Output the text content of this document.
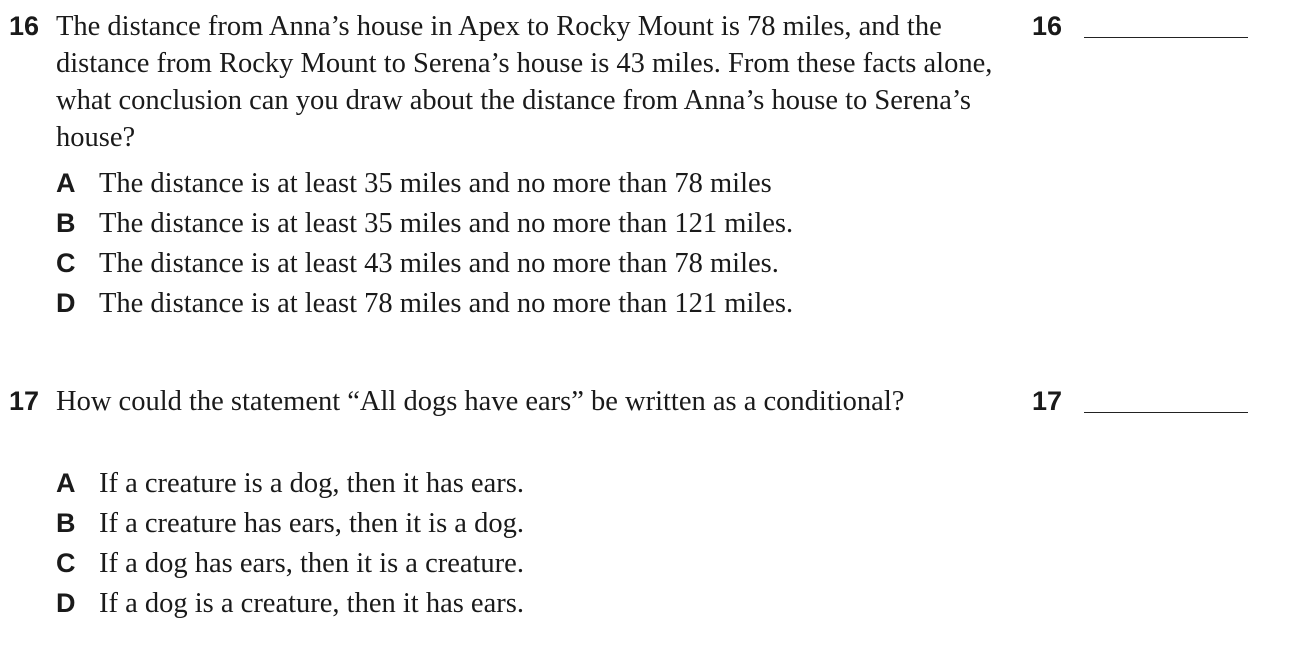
16 The distance from Anna’s house in Apex to Rocky Mount is 78 miles, and the distance from Rocky Mount to Serena’s house is 43 miles. From these facts alone, what conclusion can you draw about the distance from Anna’s house to Serena’s house?
A The distance is at least 35 miles and no more than 78 miles
B The distance is at least 35 miles and no more than 121 miles.
C The distance is at least 43 miles and no more than 78 miles.
D The distance is at least 78 miles and no more than 121 miles.
16
17 How could the statement “All dogs have ears” be written as a conditional?
A If a creature is a dog, then it has ears.
B If a creature has ears, then it is a dog.
C If a dog has ears, then it is a creature.
D If a dog is a creature, then it has ears.
17
